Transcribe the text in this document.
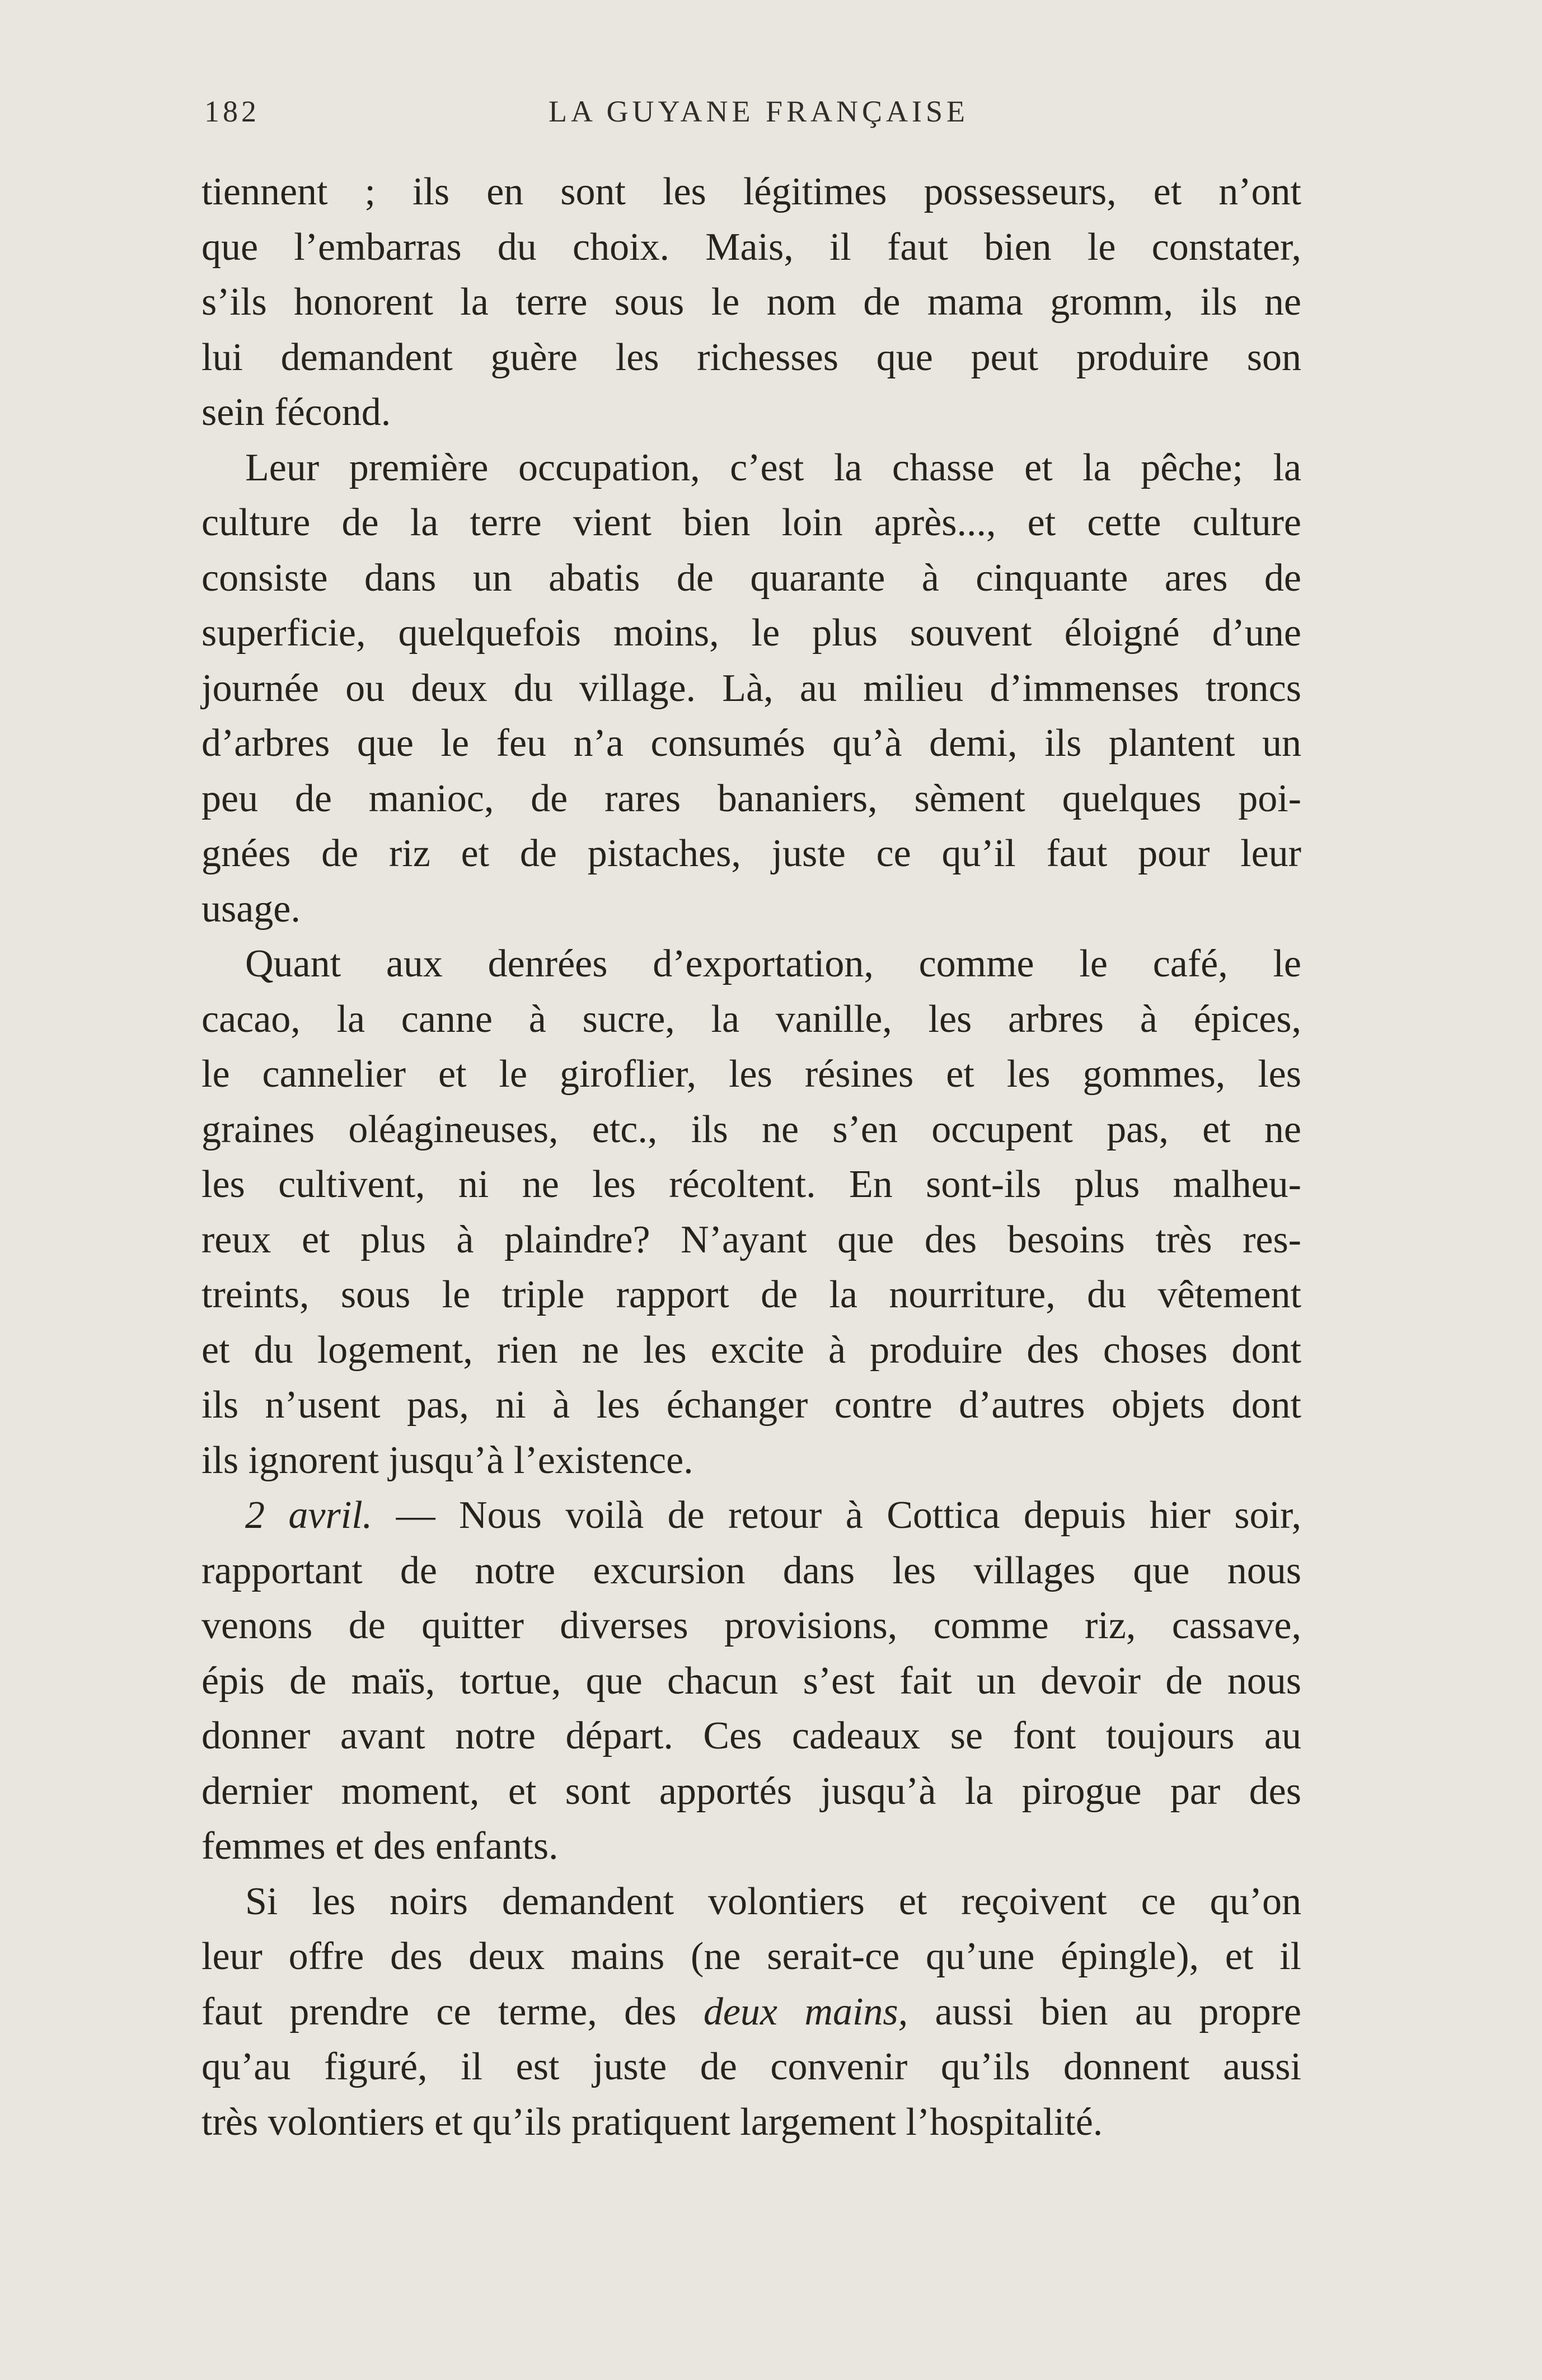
182	LA GUYANE FRANÇAISE
tiennent ; ils en sont les légitimes possesseurs, et n’ont
que l’embarras du choix. Mais, il faut bien le constater,
s’ils honorent la terre sous le nom de mama gromm, ils ne
lui demandent guère les richesses que peut produire son
sein fécond.
Leur première occupation, c’est la chasse et la pêche; la
culture de la terre vient bien loin après..., et cette culture
consiste dans un abatis de quarante à cinquante ares de
superficie, quelquefois moins, le plus souvent éloigné d’une
journée ou deux du village. Là, au milieu d’immenses troncs
d’arbres que le feu n’a consumés qu’à demi, ils plantent un
peu de manioc, de rares bananiers, sèment quelques poi-
gnées de riz et de pistaches, juste ce qu’il faut pour leur
usage.
Quant aux denrées d’exportation, comme le café, le
cacao, la canne à sucre, la vanille, les arbres à épices,
le cannelier et le giroflier, les résines et les gommes, les
graines oléagineuses, etc., ils ne s’en occupent pas, et ne
les cultivent, ni ne les récoltent. En sont-ils plus malheu-
reux et plus à plaindre? N’ayant que des besoins très res-
treints, sous le triple rapport de la nourriture, du vêtement
et du logement, rien ne les excite à produire des choses dont
ils n’usent pas, ni à les échanger contre d’autres objets dont
ils ignorent jusqu’à l’existence.
2 avril. — Nous voilà de retour à Cottica depuis hier soir,
rapportant de notre excursion dans les villages que nous
venons de quitter diverses provisions, comme riz, cassave,
épis de maïs, tortue, que chacun s’est fait un devoir de nous
donner avant notre départ. Ces cadeaux se font toujours au
dernier moment, et sont apportés jusqu’à la pirogue par des
femmes et des enfants.
Si les noirs demandent volontiers et reçoivent ce qu’on
leur offre des deux mains (ne serait-ce qu’une épingle), et il
faut prendre ce terme, des deux mains, aussi bien au propre
qu’au figuré, il est juste de convenir qu’ils donnent aussi
très volontiers et qu’ils pratiquent largement l’hospitalité.
